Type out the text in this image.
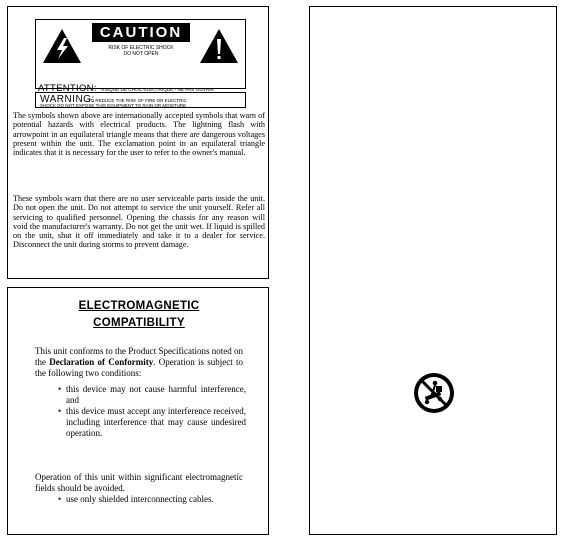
CAUTION
RISK OF ELECTRIC SHOCK
DO NOT OPEN
ATTENTION: RISQUE DE CHOC ELECTRIQUE - NE PAS OUVRIR
WARNING:
TO REDUCE THE RISK OF FIRE OR ELECTRIC
SHOCK DO NOT EXPOSE THIS EQUIPMENT TO RAIN OR MOISTURE
The symbols shown above are internationally accepted symbols that warn of potential hazards with electrical products. The lightning flash with arrowpoint in an equilateral triangle means that there are dangerous voltages present within the unit. The exclamation point in an equilateral triangle indicates that it is necessary for the user to refer to the owner's manual.
These symbols warn that there are no user serviceable parts inside the unit. Do not open the unit. Do not attempt to service the unit yourself. Refer all servicing to qualified personnel. Opening the chassis for any reason will void the manufacturer's warranty. Do not get the unit wet. If liquid is spilled on the unit, shut it off immediately and take it to a dealer for service. Disconnect the unit during storms to prevent damage.
ELECTROMAGNETIC
COMPATIBILITY
This unit conforms to the Product Specifications noted on the Declaration of Conformity. Operation is subject to the following two conditions:
• this device may not cause harmful interference, and
• this device must accept any interference received, including interference that may cause undesired operation.
Operation of this unit within significant electromagnetic fields should be avoided.
• use only shielded interconnecting cables.
